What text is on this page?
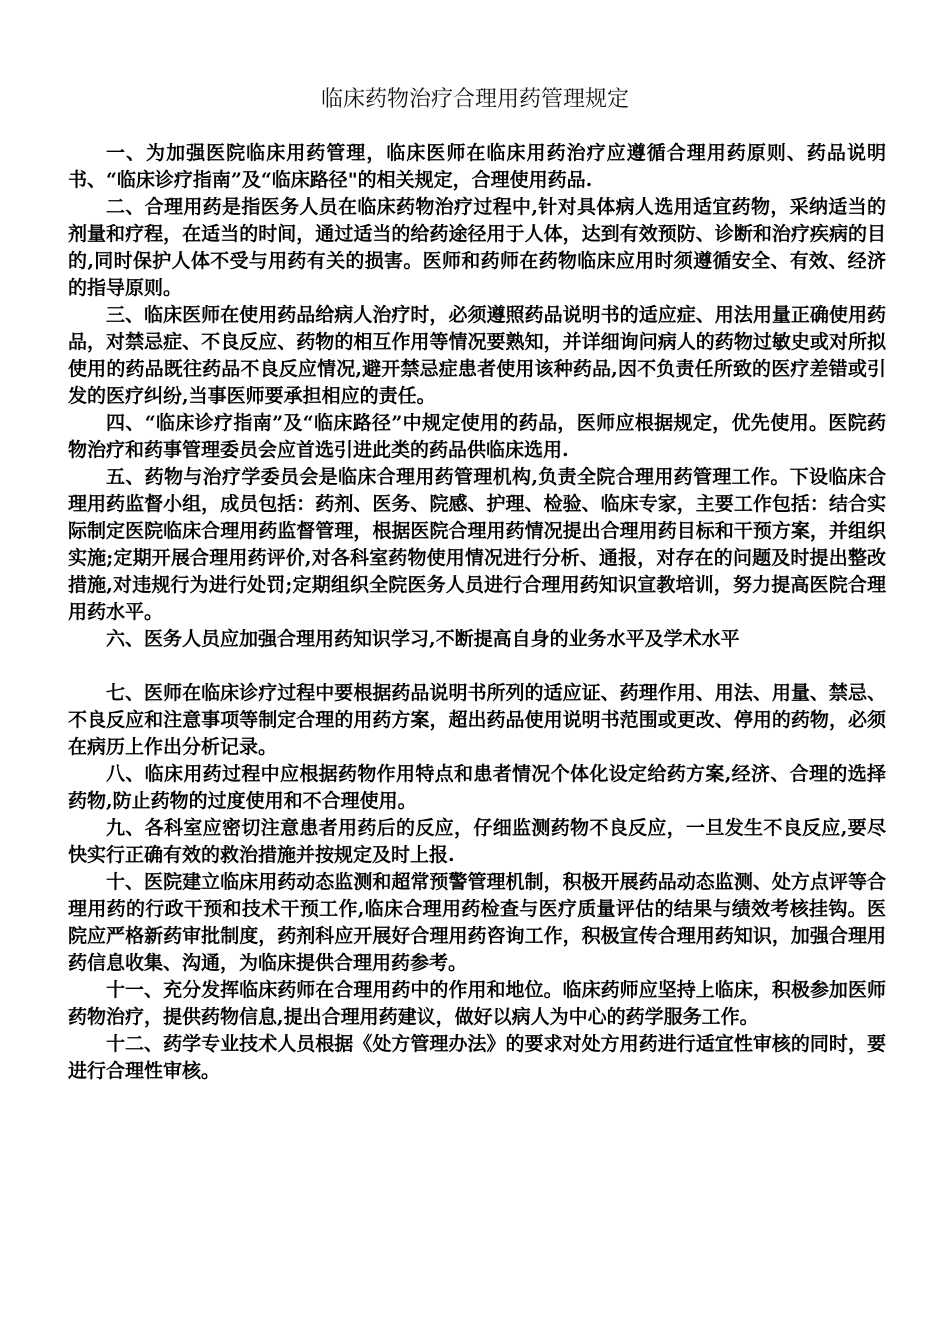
临床药物治疗合理用药管理规定

一、为加强医院临床用药管理，临床医师在临床用药治疗应遵循合理用药原则、药品说明书、“临床诊疗指南”及“临床路径"的相关规定，合理使用药品.

二、合理用药是指医务人员在临床药物治疗过程中,针对具体病人选用适宜药物，采纳适当的剂量和疗程，在适当的时间，通过适当的给药途径用于人体，达到有效预防、诊断和治疗疾病的目的,同时保护人体不受与用药有关的损害。医师和药师在药物临床应用时须遵循安全、有效、经济的指导原则。

三、临床医师在使用药品给病人治疗时，必须遵照药品说明书的适应症、用法用量正确使用药品，对禁忌症、不良反应、药物的相互作用等情况要熟知，并详细询问病人的药物过敏史或对所拟使用的药品既往药品不良反应情况,避开禁忌症患者使用该种药品,因不负责任所致的医疗差错或引发的医疗纠纷,当事医师要承担相应的责任。

四、“临床诊疗指南”及“临床路径”中规定使用的药品，医师应根据规定，优先使用。医院药物治疗和药事管理委员会应首选引进此类的药品供临床选用.

五、药物与治疗学委员会是临床合理用药管理机构,负责全院合理用药管理工作。下设临床合理用药监督小组，成员包括：药剂、医务、院感、护理、检验、临床专家，主要工作包括：结合实际制定医院临床合理用药监督管理，根据医院合理用药情况提出合理用药目标和干预方案，并组织实施;定期开展合理用药评价,对各科室药物使用情况进行分析、通报，对存在的问题及时提出整改措施,对违规行为进行处罚;定期组织全院医务人员进行合理用药知识宣教培训，努力提高医院合理用药水平。

六、医务人员应加强合理用药知识学习,不断提高自身的业务水平及学术水平

七、医师在临床诊疗过程中要根据药品说明书所列的适应证、药理作用、用法、用量、禁忌、不良反应和注意事项等制定合理的用药方案，超出药品使用说明书范围或更改、停用的药物，必须在病历上作出分析记录。

八、临床用药过程中应根据药物作用特点和患者情况个体化设定给药方案,经济、合理的选择药物,防止药物的过度使用和不合理使用。

九、各科室应密切注意患者用药后的反应，仔细监测药物不良反应，一旦发生不良反应,要尽快实行正确有效的救治措施并按规定及时上报.

十、医院建立临床用药动态监测和超常预警管理机制，积极开展药品动态监测、处方点评等合理用药的行政干预和技术干预工作,临床合理用药检查与医疗质量评估的结果与绩效考核挂钩。医院应严格新药审批制度，药剂科应开展好合理用药咨询工作，积极宣传合理用药知识，加强合理用药信息收集、沟通，为临床提供合理用药参考。

十一、充分发挥临床药师在合理用药中的作用和地位。临床药师应坚持上临床，积极参加医师药物治疗，提供药物信息,提出合理用药建议，做好以病人为中心的药学服务工作。

十二、药学专业技术人员根据《处方管理办法》的要求对处方用药进行适宜性审核的同时，要进行合理性审核。
